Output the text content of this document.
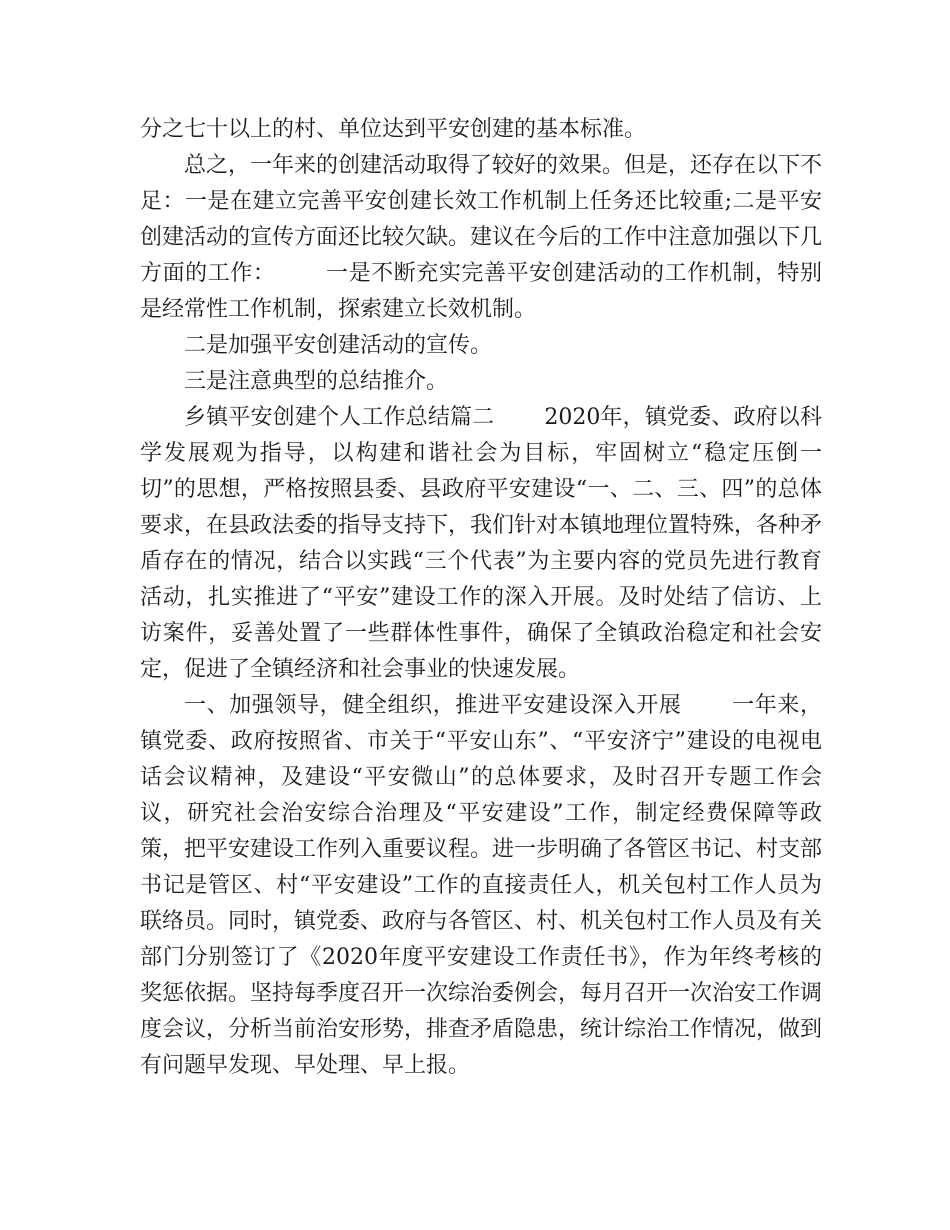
分之七十以上的村、单位达到平安创建的基本标准。

总之，一年来的创建活动取得了较好的效果。但是，还存在以下不足：一是在建立完善平安创建长效工作机制上任务还比较重;二是平安创建活动的宣传方面还比较欠缺。建议在今后的工作中注意加强以下几方面的工作： 一是不断充实完善平安创建活动的工作机制，特别是经常性工作机制，探索建立长效机制。

二是加强平安创建活动的宣传。

三是注意典型的总结推介。

乡镇平安创建个人工作总结篇二 2020年，镇党委、政府以科学发展观为指导，以构建和谐社会为目标，牢固树立“稳定压倒一切”的思想，严格按照县委、县政府平安建设“一、二、三、四”的总体要求，在县政法委的指导支持下，我们针对本镇地理位置特殊，各种矛盾存在的情况，结合以实践“三个代表”为主要内容的党员先进行教育活动，扎实推进了“平安”建设工作的深入开展。及时处结了信访、上访案件，妥善处置了一些群体性事件，确保了全镇政治稳定和社会安定，促进了全镇经济和社会事业的快速发展。

一、加强领导，健全组织，推进平安建设深入开展 一年来，镇党委、政府按照省、市关于“平安山东”、“平安济宁”建设的电视电话会议精神，及建设“平安微山”的总体要求，及时召开专题工作会议，研究社会治安综合治理及“平安建设”工作，制定经费保障等政策，把平安建设工作列入重要议程。进一步明确了各管区书记、村支部书记是管区、村“平安建设”工作的直接责任人，机关包村工作人员为联络员。同时，镇党委、政府与各管区、村、机关包村工作人员及有关部门分别签订了《2020年度平安建设工作责任书》，作为年终考核的奖惩依据。坚持每季度召开一次综治委例会，每月召开一次治安工作调度会议，分析当前治安形势，排查矛盾隐患，统计综治工作情况，做到有问题早发现、早处理、早上报。
